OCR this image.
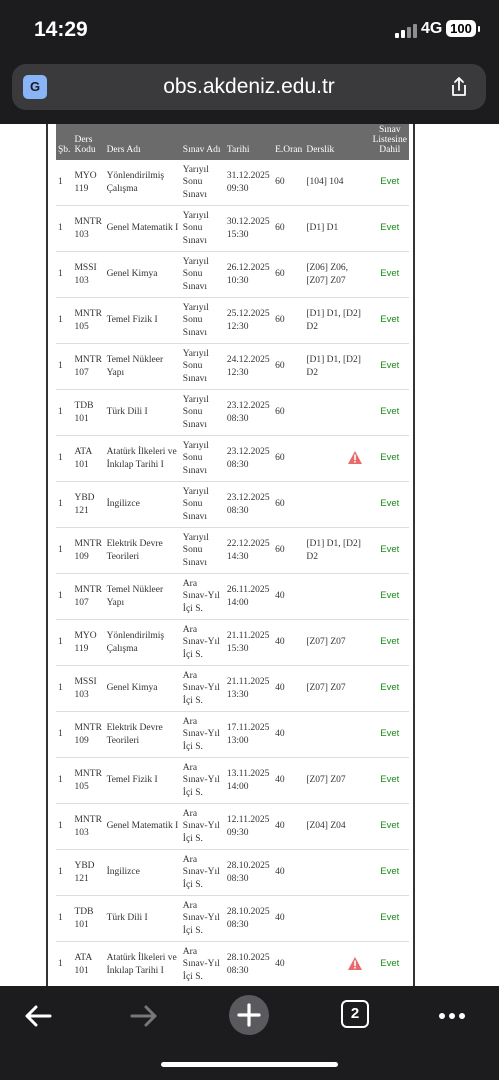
14:29	4G 100
G	obs.akdeniz.edu.tr
Şb.	Ders Kodu	Ders Adı	Sınav Adı	Tarihi	E.Oran	Derslik	Sınav Listesine Dahil
1	MYO 119	Yönlendirilmiş Çalışma	Yarıyıl Sonu Sınavı	31.12.2025 09:30	60	[104] 104	Evet
1	MNTR 103	Genel Matematik I	Yarıyıl Sonu Sınavı	30.12.2025 15:30	60	[D1] D1	Evet
1	MSSI 103	Genel Kimya	Yarıyıl Sonu Sınavı	26.12.2025 10:30	60	[Z06] Z06, [Z07] Z07	Evet
1	MNTR 105	Temel Fizik I	Yarıyıl Sonu Sınavı	25.12.2025 12:30	60	[D1] D1, [D2] D2	Evet
1	MNTR 107	Temel Nükleer Yapı	Yarıyıl Sonu Sınavı	24.12.2025 12:30	60	[D1] D1, [D2] D2	Evet
1	TDB 101	Türk Dili I	Yarıyıl Sonu Sınavı	23.12.2025 08:30	60		Evet
1	ATA 101	Atatürk İlkeleri ve İnkılap Tarihi I	Yarıyıl Sonu Sınavı	23.12.2025 08:30	60		Evet
1	YBD 121	İngilizce	Yarıyıl Sonu Sınavı	23.12.2025 08:30	60		Evet
1	MNTR 109	Elektrik Devre Teorileri	Yarıyıl Sonu Sınavı	22.12.2025 14:30	60	[D1] D1, [D2] D2	Evet
1	MNTR 107	Temel Nükleer Yapı	Ara Sınav-Yıl İçi S.	26.11.2025 14:00	40		Evet
1	MYO 119	Yönlendirilmiş Çalışma	Ara Sınav-Yıl İçi S.	21.11.2025 15:30	40	[Z07] Z07	Evet
1	MSSI 103	Genel Kimya	Ara Sınav-Yıl İçi S.	21.11.2025 13:30	40	[Z07] Z07	Evet
1	MNTR 109	Elektrik Devre Teorileri	Ara Sınav-Yıl İçi S.	17.11.2025 13:00	40		Evet
1	MNTR 105	Temel Fizik I	Ara Sınav-Yıl İçi S.	13.11.2025 14:00	40	[Z07] Z07	Evet
1	MNTR 103	Genel Matematik I	Ara Sınav-Yıl İçi S.	12.11.2025 09:30	40	[Z04] Z04	Evet
1	YBD 121	İngilizce	Ara Sınav-Yıl İçi S.	28.10.2025 08:30	40		Evet
1	TDB 101	Türk Dili I	Ara Sınav-Yıl İçi S.	28.10.2025 08:30	40		Evet
1	ATA 101	Atatürk İlkeleri ve İnkılap Tarihi I	Ara Sınav-Yıl İçi S.	28.10.2025 08:30	40		Evet
2
